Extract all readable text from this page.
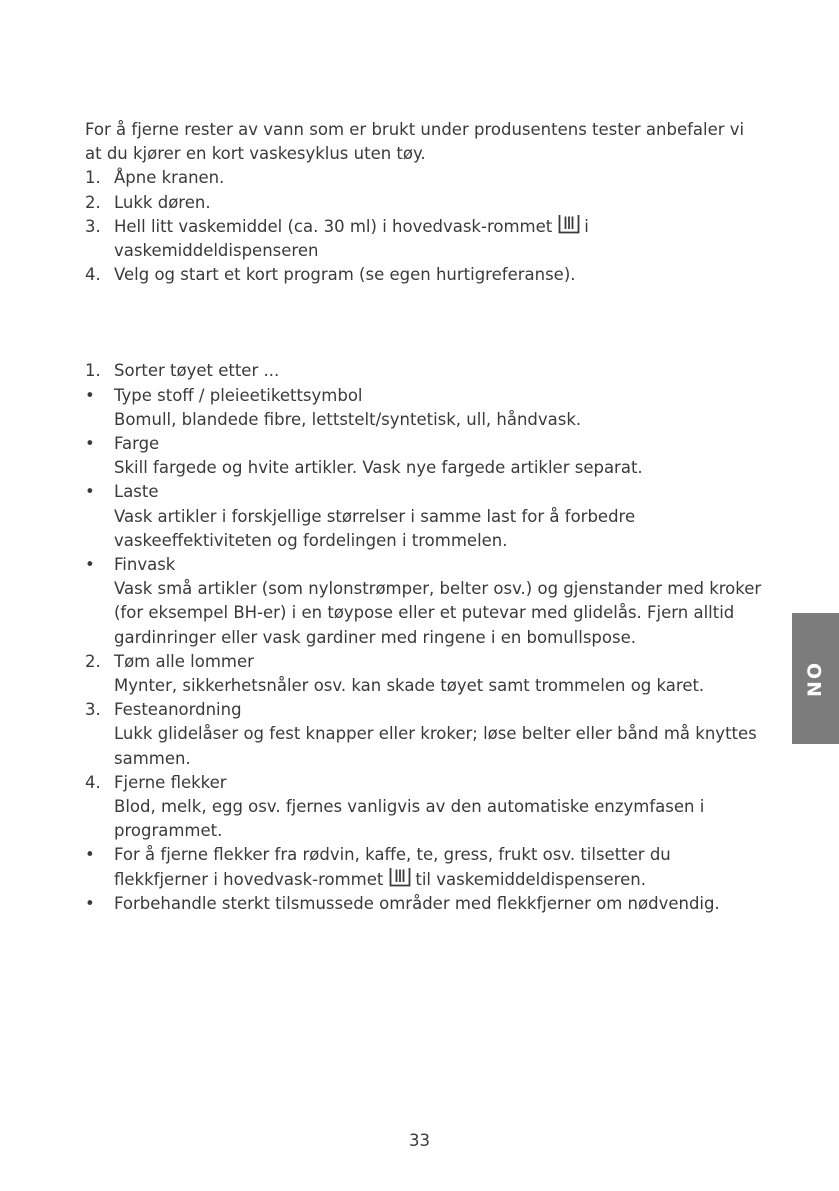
For å fjerne rester av vann som er brukt under produsentens tester anbefaler vi at du kjører en kort vaskesyklus uten tøy.

1. Åpne kranen.
2. Lukk døren.
3. Hell litt vaskemiddel (ca. 30 ml) i hovedvask-rommet i vaskemiddeldispenseren
4. Velg og start et kort program (se egen hurtigreferanse).
1. Sorter tøyet etter ...
• Type stoff / pleieetikettsymbol
Bomull, blandede fibre, lettstelt/syntetisk, ull, håndvask.
• Farge
Skill fargede og hvite artikler. Vask nye fargede artikler separat.
• Laste
Vask artikler i forskjellige størrelser i samme last for å forbedre vaskeeffektiviteten og fordelingen i trommelen.
• Finvask
Vask små artikler (som nylonstrømper, belter osv.) og gjenstander med kroker (for eksempel BH-er) i en tøypose eller et putevar med glidelås. Fjern alltid gardinringer eller vask gardiner med ringene i en bomullspose.
2. Tøm alle lommer
Mynter, sikkerhetsnåler osv. kan skade tøyet samt trommelen og karet.
3. Festeanordning
Lukk glidelåser og fest knapper eller kroker; løse belter eller bånd må knyttes sammen.
4. Fjerne flekker
Blod, melk, egg osv. fjernes vanligvis av den automatiske enzymfasen i programmet.
• For å fjerne flekker fra rødvin, kaffe, te, gress, frukt osv. tilsetter du flekkfjerner i hovedvask-rommet til vaskemiddeldispenseren.
• Forbehandle sterkt tilsmussede områder med flekkfjerner om nødvendig.
NO
33
